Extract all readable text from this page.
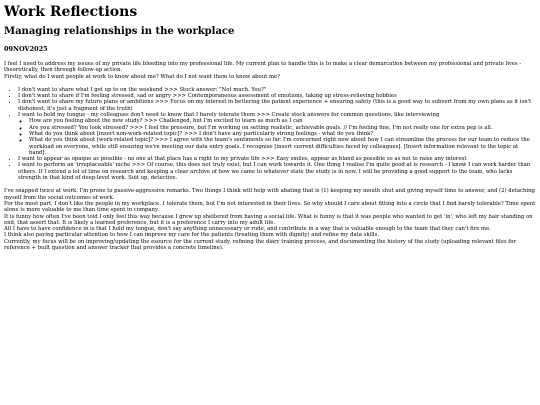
Work Reflections
Managing relationships in the workplace
09NOV2025

I feel I need to address my issues of my private life bleeding into my professional life. My current plan to handle this is to make a clear demarcation between my professional and private lives - theoretically, then through follow-up action.

Firstly, what do I want people at work to know about me? What do I not want them to know about me?

• I don't want to share what I get up to on the weekend >>> Stock answer: "Not much. You?"
• I don't want to share if I'm feeling stressed, sad or angry >>> Contemporaneous assessment of emotions, taking up stress-relieving hobbies
• I don't want to share my future plans or ambitions >>> Focus on my interest in bettering the patient experience + ensuring safety (this is a good way to subvert from my own plans as it isn't dishonest, it's just a fragment of the truth)
• I want to hold my tongue - my colleagues don't need to know that I barely tolerate them >>> Create stock answers for common questions, like interviewing
◦ How are you feeling about the new study? >>> Challenged, but I'm excited to learn as much as I can
◦ Are you stressed? You look stressed? >>> I feel the pressure, but I'm working on setting realistic, achievable goals. // I'm feeling fine, I'm not really one for extra pep is all.
◦ What do you think about [insert non-work-related topic]? >>> I don't have any particularly strong feelings - what do you think?
◦ What do you think about [work-related topic]? >>> I agree with the team's sentiments so far. I'm concerned right now about how I can streamline the process for our team to reduce the workload on everyone, while still ensuring we're meeting our data entry goals. I recognise [insert current difficulties faced by colleagues]. [Insert information relevant to the topic at hand].
• I want to appear as opaque as possible - no one at that place has a right to my private life >>> Easy smiles, appear as bland as possible so as not to raise any interest
• I want to perform an 'irreplaceable' niche >>> Of course, this does not truly exist, but I can work towards it. One thing I realise I'm quite good at is research - I know I can work harder than others. If I extend a lot of time on research and keeping a clear archive of how we came to whatever state the study is in now, I will be providing a good support to the team, who lacks strength in that kind of deep-level work. Suit up, detective.

I've snapped twice at work. I'm prone to passive-aggressive remarks. Two things I think will help with abating that is (1) keeping my mouth shut and giving myself time to answer, and (2) detaching myself from the social outcomes of work.

For the most part, I don't like the people in my workplace. I tolerate them, but I'm not interested in their lives. So why should I care about fitting into a circle that I find barely tolerable? Time spent alone is more valuable to me than time spent in company.

It is funny how often I've been told I only feel this way because I grew up sheltered from having a social life. What is funny is that it was people who wanted to get 'in', who left my hair standing on end, that assert that. It is likely a learned preference, but it is a preference I carry into my adult life.

All I have to have confidence in is that I hold my tongue, don't say anything unnecessary or rude, and contribute in a way that is valuable enough to the team that they can't fire me.

I think also paying particular attention to how I can improve my care for the patients (treating them with dignity) and refine my data skills.

Currently, my focus will be on improving/updating the esource for the current study, refining the diary training process, and documenting the history of the study (uploading relevant files for reference + built question and answer tracker that provides a concrete timeline).
